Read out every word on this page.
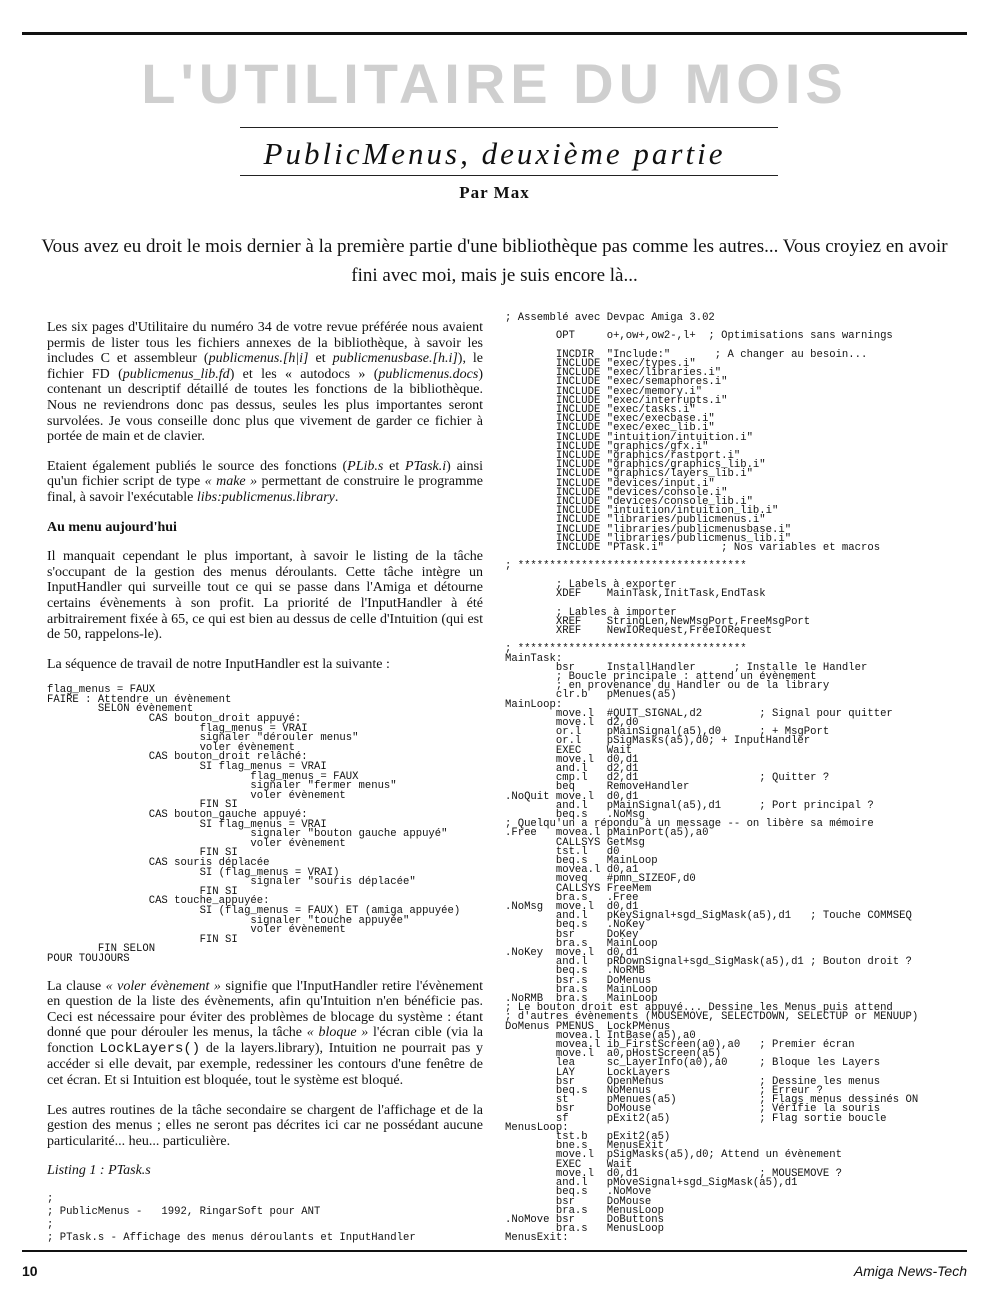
L'UTILITAIRE DU MOIS
PublicMenus, deuxième partie
Par Max
Vous avez eu droit le mois dernier à la première partie d'une bibliothèque pas comme les autres... Vous croyiez en avoir fini avec moi, mais je suis encore là...

Les six pages d'Utilitaire du numéro 34 de votre revue préférée nous avaient permis de lister tous les fichiers annexes de la bibliothèque, à savoir les includes C et assembleur (publicmenus.[h|i] et publicmenusbase.[h.i]), le fichier FD (publicmenus_lib.fd) et les « autodocs » (publicmenus.docs) contenant un descriptif détaillé de toutes les fonctions de la bibliothèque. Nous ne reviendrons donc pas dessus, seules les plus importantes seront survolées. Je vous conseille donc plus que vivement de garder ce fichier à portée de main et de clavier.

Etaient également publiés le source des fonctions (PLib.s et PTask.i) ainsi qu'un fichier script de type « make » permettant de construire le programme final, à savoir l'exécutable libs:publicmenus.library.

Au menu aujourd'hui

Il manquait cependant le plus important, à savoir le listing de la tâche s'occupant de la gestion des menus déroulants. Cette tâche intègre un InputHandler qui surveille tout ce qui se passe dans l'Amiga et détourne certains évènements à son profit. La priorité de l'InputHandler à été arbitrairement fixée à 65, ce qui est bien au dessus de celle d'Intuition (qui est de 50, rappelons-le).

La séquence de travail de notre InputHandler est la suivante :

flag_menus = FAUX
FAIRE : Attendre un évènement
SELON évènement
CAS bouton_droit appuyé:
flag_menus = VRAI
signaler "dérouler menus"
voler évènement
CAS bouton_droit relâché:
SI flag_menus = VRAI
flag_menus = FAUX
signaler "fermer menus"
voler évènement
FIN SI
CAS bouton_gauche appuyé:
SI flag_menus = VRAI
signaler "bouton gauche appuyé"
voler évènement
FIN SI
CAS souris déplacée
SI (flag_menus = VRAI)
signaler "souris déplacée"
FIN SI
CAS touche_appuyée:
SI (flag_menus = FAUX) ET (amiga appuyée)
signaler "touche appuyée"
voler évènement
FIN SI
FIN SELON
POUR TOUJOURS

La clause « voler évènement » signifie que l'InputHandler retire l'évènement en question de la liste des évènements, afin qu'Intuition n'en bénéficie pas. Ceci est nécessaire pour éviter des problèmes de blocage du système : étant donné que pour dérouler les menus, la tâche « bloque » l'écran cible (via la fonction LockLayers() de la layers.library), Intuition ne pourrait pas y accéder si elle devait, par exemple, redessiner les contours d'une fenêtre de cet écran. Et si Intuition est bloquée, tout le système est bloqué.

Les autres routines de la tâche secondaire se chargent de l'affichage et de la gestion des menus ; elles ne seront pas décrites ici car ne possédant aucune particularité... heu... particulière.

Listing 1 : PTask.s

;
; PublicMenus -   1992, RingarSoft pour ANT
;
; PTask.s - Affichage des menus déroulants et InputHandler
; Assemblé avec Devpac Amiga 3.02

OPT     o+,ow+,ow2-,l+  ; Optimisations sans warnings

INCDIR  "Include:"       ; A changer au besoin...
INCLUDE "exec/types.i"
INCLUDE "exec/libraries.i"
INCLUDE "exec/semaphores.i"
INCLUDE "exec/memory.i"
INCLUDE "exec/interrupts.i"
INCLUDE "exec/tasks.i"
INCLUDE "exec/execbase.i"
INCLUDE "exec/exec_lib.i"
INCLUDE "intuition/intuition.i"
INCLUDE "graphics/gfx.i"
INCLUDE "graphics/rastport.i"
INCLUDE "graphics/graphics_lib.i"
INCLUDE "graphics/layers_lib.i"
INCLUDE "devices/input.i"
INCLUDE "devices/console.i"
INCLUDE "devices/console_lib.i"
INCLUDE "intuition/intuition_lib.i"
INCLUDE "libraries/publicmenus.i"
INCLUDE "libraries/publicmenusbase.i"
INCLUDE "libraries/publicmenus_lib.i"
INCLUDE "PTask.i"         ; Nos variables et macros

; ************************************

; Labels à exporter
XDEF    MainTask,InitTask,EndTask

; Lables à importer
XREF    StringLen,NewMsgPort,FreeMsgPort
XREF    NewIORequest,FreeIORequest

; ************************************
MainTask:
bsr     InstallHandler      ; Installe le Handler
; Boucle principale : attend un évènement
; en provenance du Handler ou de la library
clr.b   pMenues(a5)
MainLoop:
move.l  #QUIT_SIGNAL,d2         ; Signal pour quitter
move.l  d2,d0
or.l    pMainSignal(a5),d0      ; + MsgPort
or.l    pSigMasks(a5),d0; + InputHandler
EXEC    Wait
move.l  d0,d1
and.l   d2,d1
cmp.l   d2,d1                   ; Quitter ?
beq     RemoveHandler
.NoQuit move.l  d0,d1
and.l   pMainSignal(a5),d1      ; Port principal ?
beq.s   .NoMsg
; Quelqu'un a répondu à un message -- on libère sa mémoire
.Free   movea.l pMainPort(a5),a0
CALLSYS GetMsg
tst.l   d0
beq.s   MainLoop
movea.l d0,a1
moveq   #pmn_SIZEOF,d0
CALLSYS FreeMem
bra.s   .Free
.NoMsg  move.l  d0,d1
and.l   pKeySignal+sgd_SigMask(a5),d1   ; Touche COMMSEQ
beq.s   .NoKey
bsr     DoKey
bra.s   MainLoop
.NoKey  move.l  d0,d1
and.l   pRDownSignal+sgd_SigMask(a5),d1 ; Bouton droit ?
beq.s   .NoRMB
bsr.s   DoMenus
bra.s   MainLoop
.NoRMB  bra.s   MainLoop
; Le bouton droit est appuyé... Dessine les Menus puis attend
; d'autres évènements (MOUSEMOVE, SELECTDOWN, SELECTUP or MENUUP)
DoMenus PMENUS  LockPMenus
movea.l IntBase(a5),a0
movea.l ib_FirstScreen(a0),a0   ; Premier écran
move.l  a0,pHostScreen(a5)
lea     sc_LayerInfo(a0),a0     ; Bloque les Layers
LAY     LockLayers
bsr     OpenMenus               ; Dessine les menus
beq.s   NoMenus                 ; Erreur ?
st      pMenues(a5)             ; Flags menus dessinés ON
bsr     DoMouse                 ; Vérifie la souris
sf      pExit2(a5)              ; Flag sortie boucle
MenusLoop:
tst.b   pExit2(a5)
bne.s   MenusExit
move.l  pSigMasks(a5),d0; Attend un évènement
EXEC    Wait
move.l  d0,d1                   ; MOUSEMOVE ?
and.l   pMoveSignal+sgd_SigMask(a5),d1
beq.s   .NoMove
bsr     DoMouse
bra.s   MenusLoop
.NoMove bsr     DoButtons
bra.s   MenusLoop
MenusExit:
10	Amiga News-Tech
